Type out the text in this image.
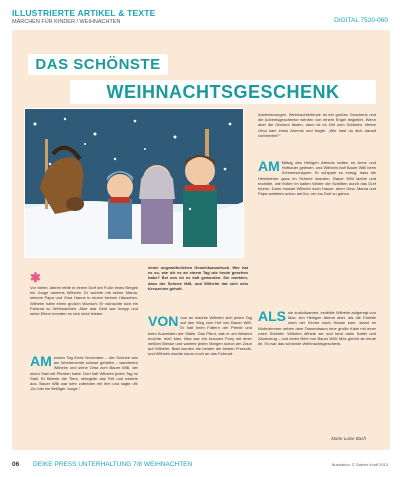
ILLUSTRIERTE ARTIKEL & TEXTE
MÄRCHEN FÜR KINDER / WEIHNACHTEN	DIGITAL 7520-060
DAS SCHÖNSTE
WEIHNACHTSGESCHENK
Adventsmorgen, Weihnachtsfreude ist ein großes Geschenk und die Adventsgeschenke werden von einem Engel begleitet. Wenn aber die Glocken läuten, dann ist es Zeit zum Schlafen. Meine Oma kam eines Abends und fragte: „Wie hast du dich darauf vorbereitet?“
AM Mittag des Heiligen Abends hatten es Anne und Hofbauer gelesen, und Wilhelm half Bauer Willi beim Schneeschippen. Er schippte so emsig, dass die Heimkehrer ganz im Schnee standen. Bauer Willi lachte und erzählte, wie früher im kalten Winter die Schlitten durch das Dorf fuhren. Dann musste Wilhelm nach Hause, denn Oma, Mama und Papa warteten schon auf ihn, um ins Dorf zu gehen.
einen ungewöhnlichen Gesichtsausdruck. Wer hat es so, wie ich es an einem Tag wie heute gesehen habe? Bei uns ist es kalt geworden. Sie merkten, dass der Schnee fällt, und Wilhelm hat sich sein Kreuzchen geholt.
✱
Vor vielen Jahren lebte in einem Dorf am Fuße eines Berges ein Junge namens Wilhelm. Er wohnte mit seiner Mama, seinem Papa und Oma Hanne in einem kleinen Häuschen. Wilhelm hatte einen großen Wunsch: Er wünschte sich ein Fahrrad zu Weihnachten. Aber das Geld war knapp und seine Eltern konnten es sich nicht leisten.
AM ersten Tag Ende November – der Schnee war am Wochenende schwer gefallen – wanderten Wilhelm und seine Oma zum Bauer Willi, der einen Stall mit Pferden hatte. Dort half Wilhelm jeden Tag im Stall. Er fütterte die Tiere, striegelte das Fell und mistete aus. Bauer Willi war sehr zufrieden mit ihm und sagte oft: „Du bist ein fleißiger Junge.“
VON nun an machte Wilhelm sich jeden Tag auf den Weg zum Hof von Bauer Willi. Er half beim Füttern der Pferde und beim Ausmisten der Ställe. Das Pferd, das er am liebsten mochte, hieß Max. Max war ein braunes Pony mit einer weißen Blesse und wartete jeden Morgen schon am Zaun auf Wilhelm. Bald wurden die beiden die besten Freunde, und Wilhelm dachte kaum noch an das Fahrrad.
ALS sie zurückkamen, erzählte Wilhelm aufgeregt von Max. Am Heiligen Abend aber, als die Familie nach der Kirche nach Hause kam, stand im Wohnzimmer neben dem Tannenbaum eine große Kiste mit einer roten Schleife. Wilhelm öffnete sie und fand darin Sattel und Zaumzeug – und einen Brief von Bauer Willi: Max gehört ab heute dir. Es war das schönste Weihnachtsgeschenk.
Marie Luise Bach
06 DEIKE PRESS UNTERHALTUNG 7/8 WEIHNACHTEN	Illustration: © Sabine Kraft 2013
